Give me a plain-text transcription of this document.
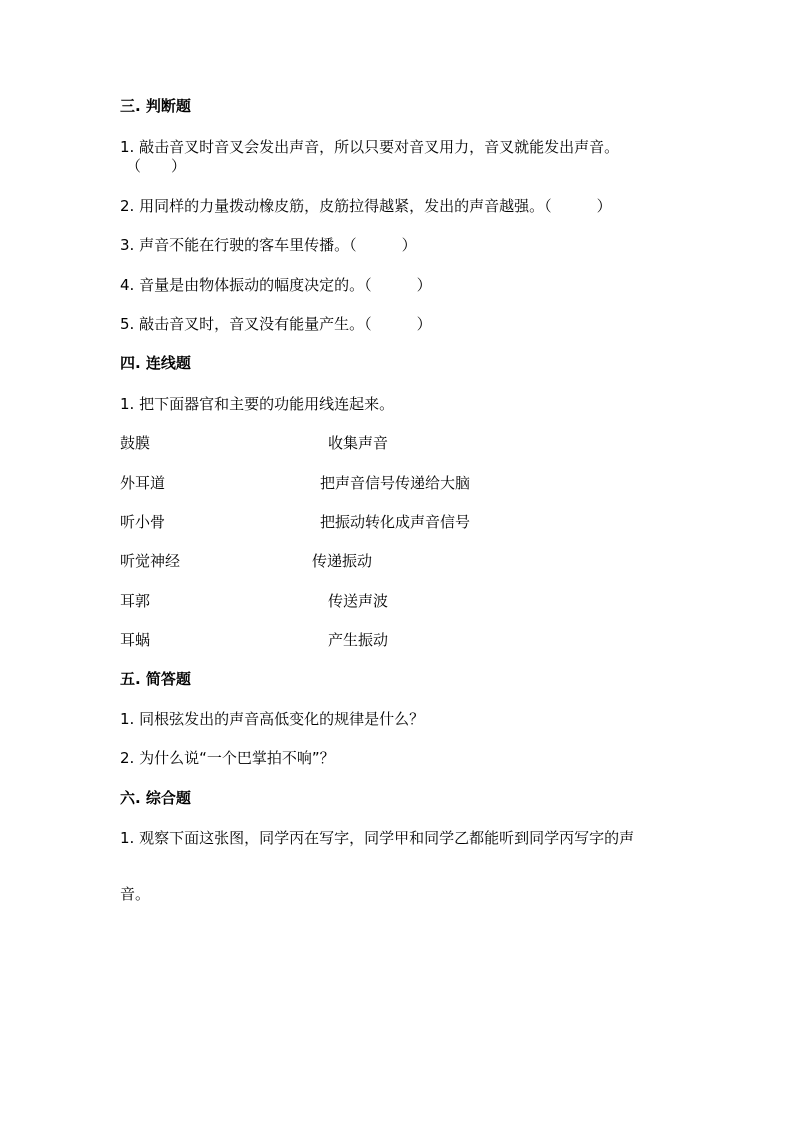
三. 判断题
1. 敲击音叉时音叉会发出声音，所以只要对音叉用力，音叉就能发出声音。
（　　）
2. 用同样的力量拨动橡皮筋，皮筋拉得越紧，发出的声音越强。（　　　）
3. 声音不能在行驶的客车里传播。（　　　）
4. 音量是由物体振动的幅度决定的。（　　　）
5. 敲击音叉时，音叉没有能量产生。（　　　）
四. 连线题
1. 把下面器官和主要的功能用线连起来。
鼓膜	收集声音
外耳道	把声音信号传递给大脑
听小骨	把振动转化成声音信号
听觉神经	传递振动
耳郭	传送声波
耳蜗	产生振动
五. 简答题
1. 同根弦发出的声音高低变化的规律是什么？
2. 为什么说“一个巴掌拍不响”？
六. 综合题
1. 观察下面这张图，同学丙在写字，同学甲和同学乙都能听到同学丙写字的声
音。
